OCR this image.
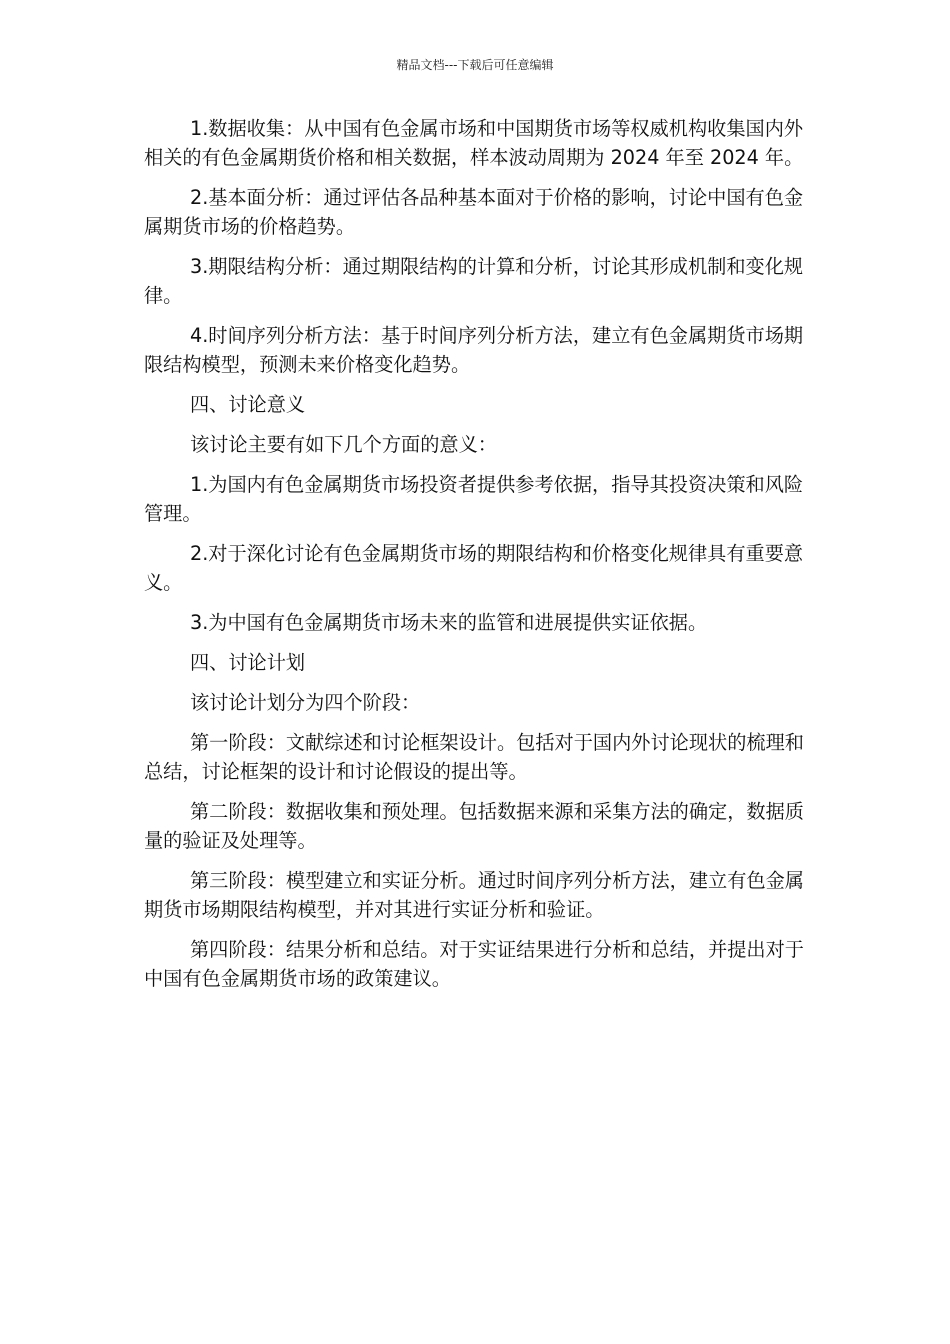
精品文档---下载后可任意编辑

1.数据收集：从中国有色金属市场和中国期货市场等权威机构收集国内外相关的有色金属期货价格和相关数据，样本波动周期为 2024 年至 2024 年。

2.基本面分析：通过评估各品种基本面对于价格的影响，讨论中国有色金属期货市场的价格趋势。

3.期限结构分析：通过期限结构的计算和分析，讨论其形成机制和变化规律。

4.时间序列分析方法：基于时间序列分析方法，建立有色金属期货市场期限结构模型，预测未来价格变化趋势。

四、讨论意义

该讨论主要有如下几个方面的意义：

1.为国内有色金属期货市场投资者提供参考依据，指导其投资决策和风险管理。

2.对于深化讨论有色金属期货市场的期限结构和价格变化规律具有重要意义。

3.为中国有色金属期货市场未来的监管和进展提供实证依据。

四、讨论计划

该讨论计划分为四个阶段：

第一阶段：文献综述和讨论框架设计。包括对于国内外讨论现状的梳理和总结，讨论框架的设计和讨论假设的提出等。

第二阶段：数据收集和预处理。包括数据来源和采集方法的确定，数据质量的验证及处理等。

第三阶段：模型建立和实证分析。通过时间序列分析方法，建立有色金属期货市场期限结构模型，并对其进行实证分析和验证。

第四阶段：结果分析和总结。对于实证结果进行分析和总结，并提出对于中国有色金属期货市场的政策建议。
